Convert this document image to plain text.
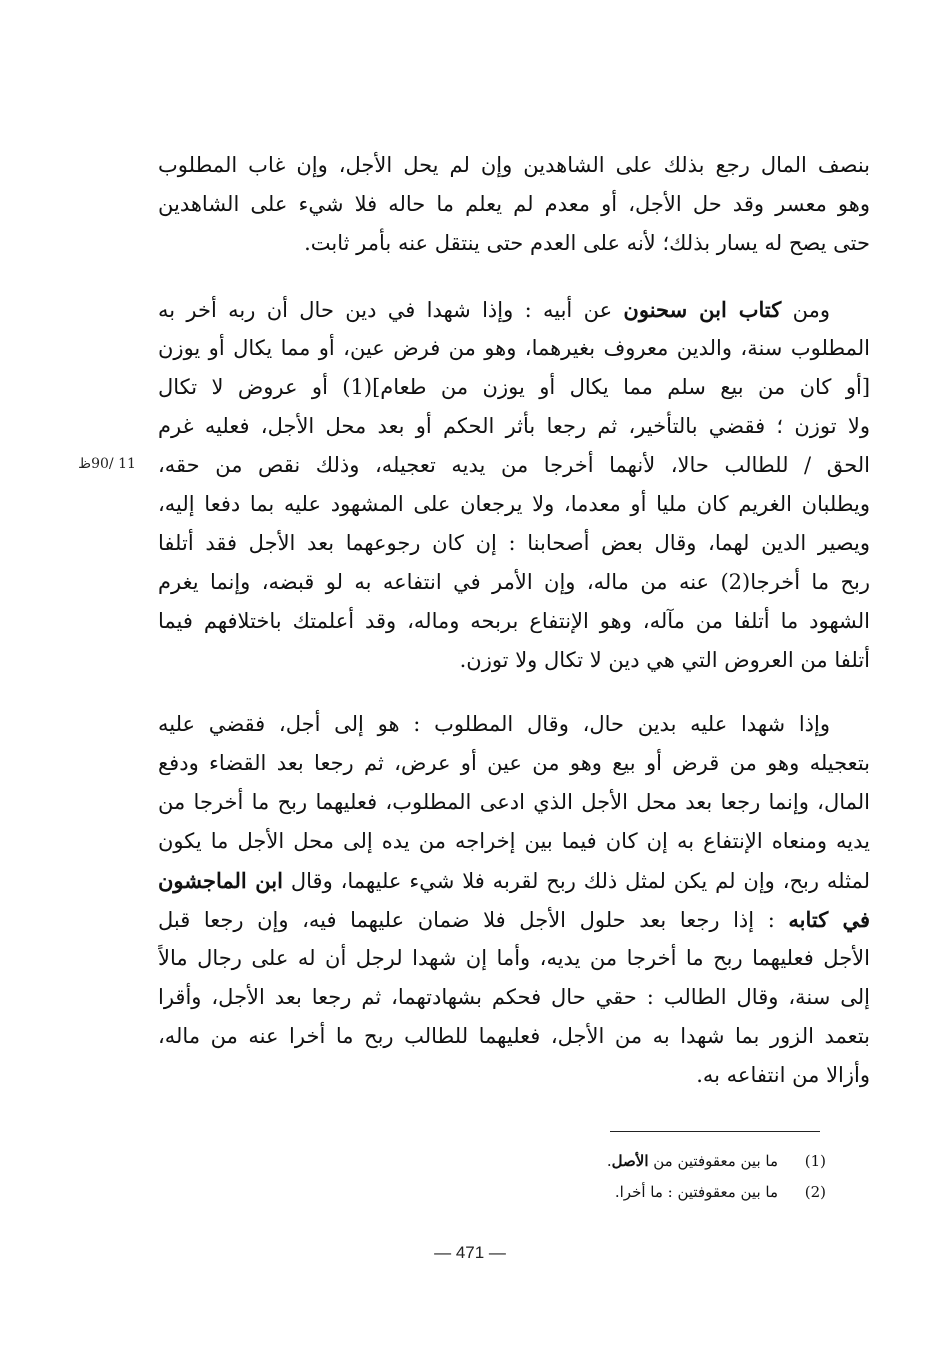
بنصف المال رجع بذلك على الشاهدين وإن لم يحل الأجل، وإن غاب المطلوب
وهو معسر وقد حل الأجل، أو معدم لم يعلم ما حاله فلا شيء على الشاهدين
حتى يصح له يسار بذلك؛ لأنه على العدم حتى ينتقل عنه بأمر ثابت.
ومن كتاب ابن سحنون عن أبيه : وإذا شهدا في دين حال أن ربه أخر به
المطلوب سنة، والدين معروف بغيرهما، وهو من فرض عين، أو مما يكال أو يوزن
[أو كان من بيع سلم مما يكال أو يوزن من طعام](1) أو عروض لا تكال
ولا توزن ؛ فقضي بالتأخير، ثم رجعا بأثر الحكم أو بعد محل الأجل، فعليه غرم
الحق / للطالب حالا، لأنهما أخرجا من يديه تعجيله، وذلك نقص من حقه،
ويطلبان الغريم كان مليا أو معدما، ولا يرجعان على المشهود عليه بما دفعا إليه،
ويصير الدين لهما، وقال بعض أصحابنا : إن كان رجوعهما بعد الأجل فقد أتلفا
ربح ما أخرجا(2) عنه من ماله، وإن الأمر في انتفاعه به لو قبضه، وإنما يغرم
الشهود ما أتلفا من مآله، وهو الإنتفاع بربحه وماله، وقد أعلمتك باختلافهم فيما
أتلفا من العروض التي هي دين لا تكال ولا توزن.
11 /90ظ
وإذا شهدا عليه بدين حال، وقال المطلوب : هو إلى أجل، فقضي عليه
بتعجيله وهو من قرض أو بيع وهو من عين أو عرض، ثم رجعا بعد القضاء ودفع
المال، وإنما رجعا بعد محل الأجل الذي ادعى المطلوب، فعليهما ربح ما أخرجا من
يديه ومنعاه الإنتفاع به إن كان فيما بين إخراجه من يده إلى محل الأجل ما يكون
لمثله ربح، وإن لم يكن لمثل ذلك ربح لقربه فلا شيء عليهما، وقال ابن الماجشون
في كتابه : إذا رجعا بعد حلول الأجل فلا ضمان عليهما فيه، وإن رجعا قبل
الأجل فعليهما ربح ما أخرجا من يديه، وأما إن شهدا لرجل أن له على رجال مالاً
إلى سنة، وقال الطالب : حقي حال فحكم بشهادتهما، ثم رجعا بعد الأجل، وأقرا
بتعمد الزور بما شهدا به من الأجل، فعليهما للطالب ربح ما أخرا عنه من ماله،
وأزالا من انتفاعه به.
(1)ما بين معقوفتين من الأصل.
(2)ما بين معقوفتين : ما أخرا.
— 471 —
